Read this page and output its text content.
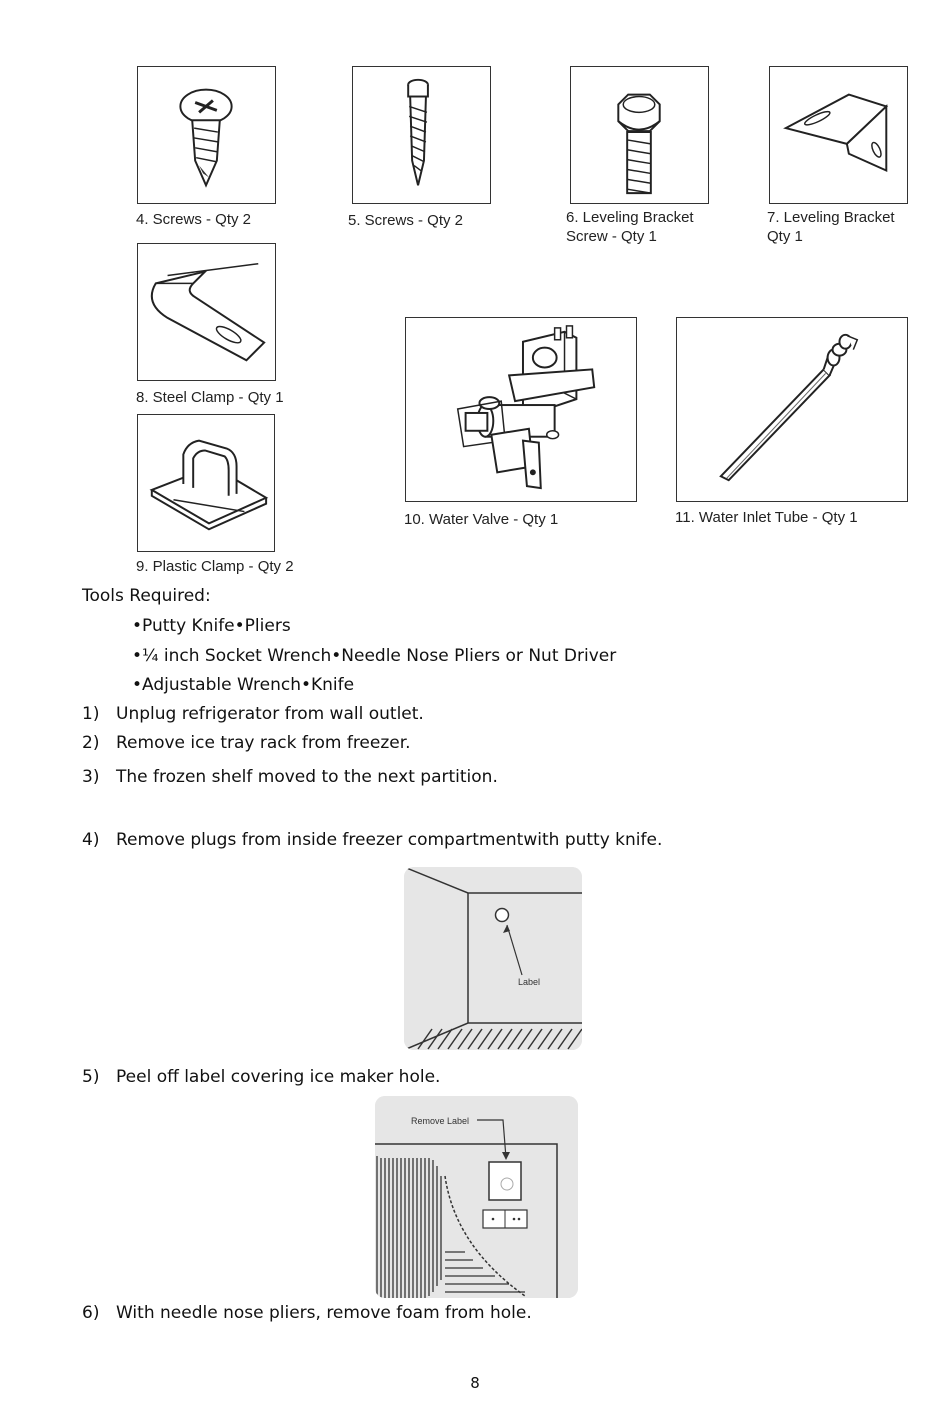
4. Screws - Qty 2	5. Screws - Qty 2	6. Leveling Bracket
Screw - Qty 1
7. Leveling Bracket
Qty 1
8. Steel Clamp - Qty 1
9. Plastic Clamp - Qty 2
10. Water Valve - Qty 1	11. Water Inlet Tube - Qty 1
Tools Required:
•Putty Knife•Pliers
•¼ inch Socket Wrench•Needle Nose Pliers or Nut Driver
•Adjustable Wrench•Knife
1) Unplug refrigerator from wall outlet.
2) Remove ice tray rack from freezer.
3) The frozen shelf moved to the next partition.
4) Remove plugs from inside freezer compartmentwith putty knife.
Label
5) Peel off label covering ice maker hole.
Remove Label
6) With needle nose pliers, remove foam from hole.
8
